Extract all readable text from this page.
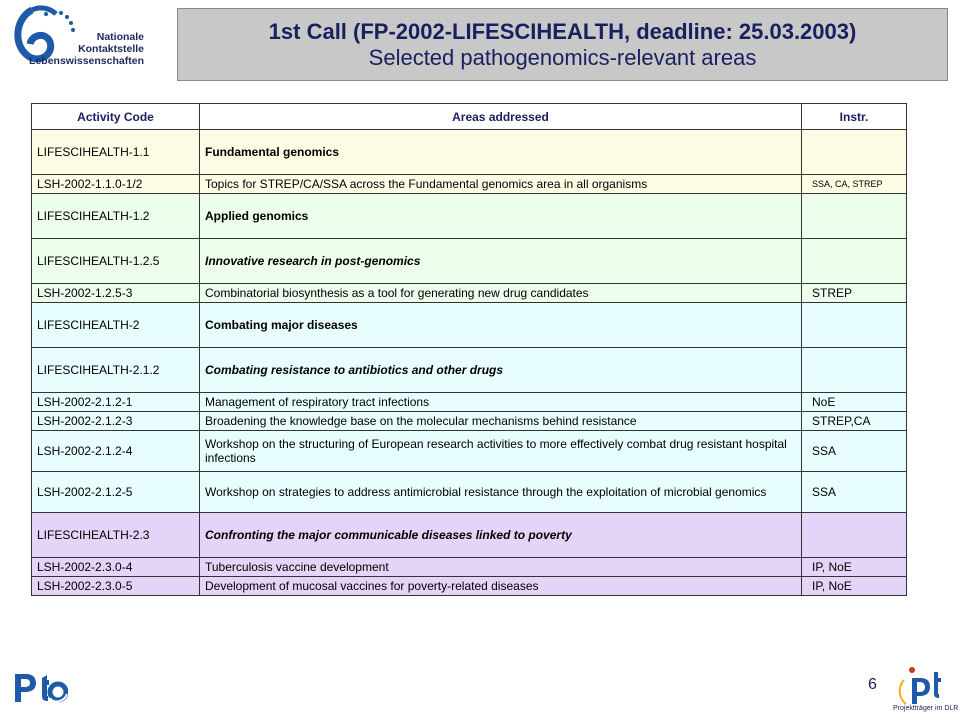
Nationale
Kontaktstelle
Lebenswissenschaften
1st Call (FP-2002-LIFESCIHEALTH, deadline: 25.03.2003)
Selected pathogenomics-relevant areas
Activity Code	Areas addressed	Instr.
LIFESCIHEALTH-1.1	Fundamental genomics	
LSH-2002-1.1.0-1/2	Topics for STREP/CA/SSA across the Fundamental genomics area in all organisms	SSA, CA, STREP
LIFESCIHEALTH-1.2	Applied genomics	
LIFESCIHEALTH-1.2.5	Innovative research in post-genomics	
LSH-2002-1.2.5-3	Combinatorial biosynthesis as a tool for generating new drug candidates	STREP
LIFESCIHEALTH-2	Combating major diseases	
LIFESCIHEALTH-2.1.2	Combating resistance to antibiotics and other drugs	
LSH-2002-2.1.2-1	Management of respiratory tract infections	NoE
LSH-2002-2.1.2-3	Broadening the knowledge base on the molecular mechanisms behind resistance	STREP,CA
LSH-2002-2.1.2-4	Workshop on the structuring of European research activities to more effectively combat drug resistant hospital infections	SSA
LSH-2002-2.1.2-5	Workshop on strategies to address antimicrobial resistance through the exploitation of microbial genomics	SSA
LIFESCIHEALTH-2.3	Confronting the major communicable diseases linked to poverty	
LSH-2002-2.3.0-4	Tuberculosis vaccine development	IP, NoE
LSH-2002-2.3.0-5	Development of mucosal vaccines for poverty-related diseases	IP, NoE
6
Projektträger im DLR
